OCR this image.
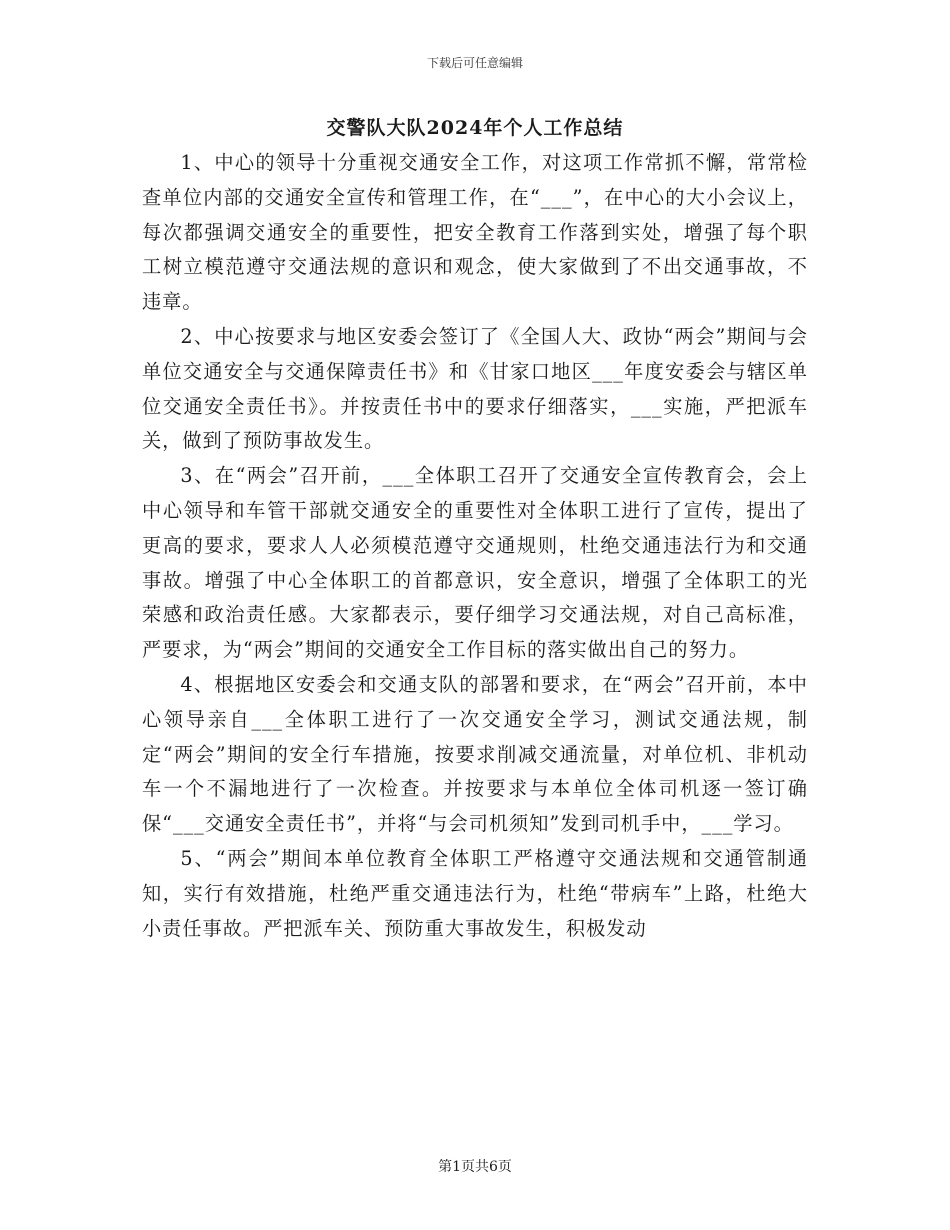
下载后可任意编辑
交警队大队2024年个人工作总结

1、中心的领导十分重视交通安全工作，对这项工作常抓不懈，常常检查单位内部的交通安全宣传和管理工作，在“___”，在中心的大小会议上，每次都强调交通安全的重要性，把安全教育工作落到实处，增强了每个职工树立模范遵守交通法规的意识和观念，使大家做到了不出交通事故，不违章。

2、中心按要求与地区安委会签订了《全国人大、政协“两会”期间与会单位交通安全与交通保障责任书》和《甘家口地区___年度安委会与辖区单位交通安全责任书》。并按责任书中的要求仔细落实，___实施，严把派车关，做到了预防事故发生。

3、在“两会”召开前，___全体职工召开了交通安全宣传教育会，会上中心领导和车管干部就交通安全的重要性对全体职工进行了宣传，提出了更高的要求，要求人人必须模范遵守交通规则，杜绝交通违法行为和交通事故。增强了中心全体职工的首都意识，安全意识，增强了全体职工的光荣感和政治责任感。大家都表示，要仔细学习交通法规，对自己高标准，严要求，为“两会”期间的交通安全工作目标的落实做出自己的努力。

4、根据地区安委会和交通支队的部署和要求，在“两会”召开前，本中心领导亲自___全体职工进行了一次交通安全学习，测试交通法规，制定“两会”期间的安全行车措施，按要求削减交通流量，对单位机、非机动车一个不漏地进行了一次检查。并按要求与本单位全体司机逐一签订确保“___交通安全责任书”，并将“与会司机须知”发到司机手中，___学习。

5、“两会”期间本单位教育全体职工严格遵守交通法规和交通管制通知，实行有效措施，杜绝严重交通违法行为，杜绝“带病车”上路，杜绝大小责任事故。严把派车关、预防重大事故发生，积极发动

第1页共6页
